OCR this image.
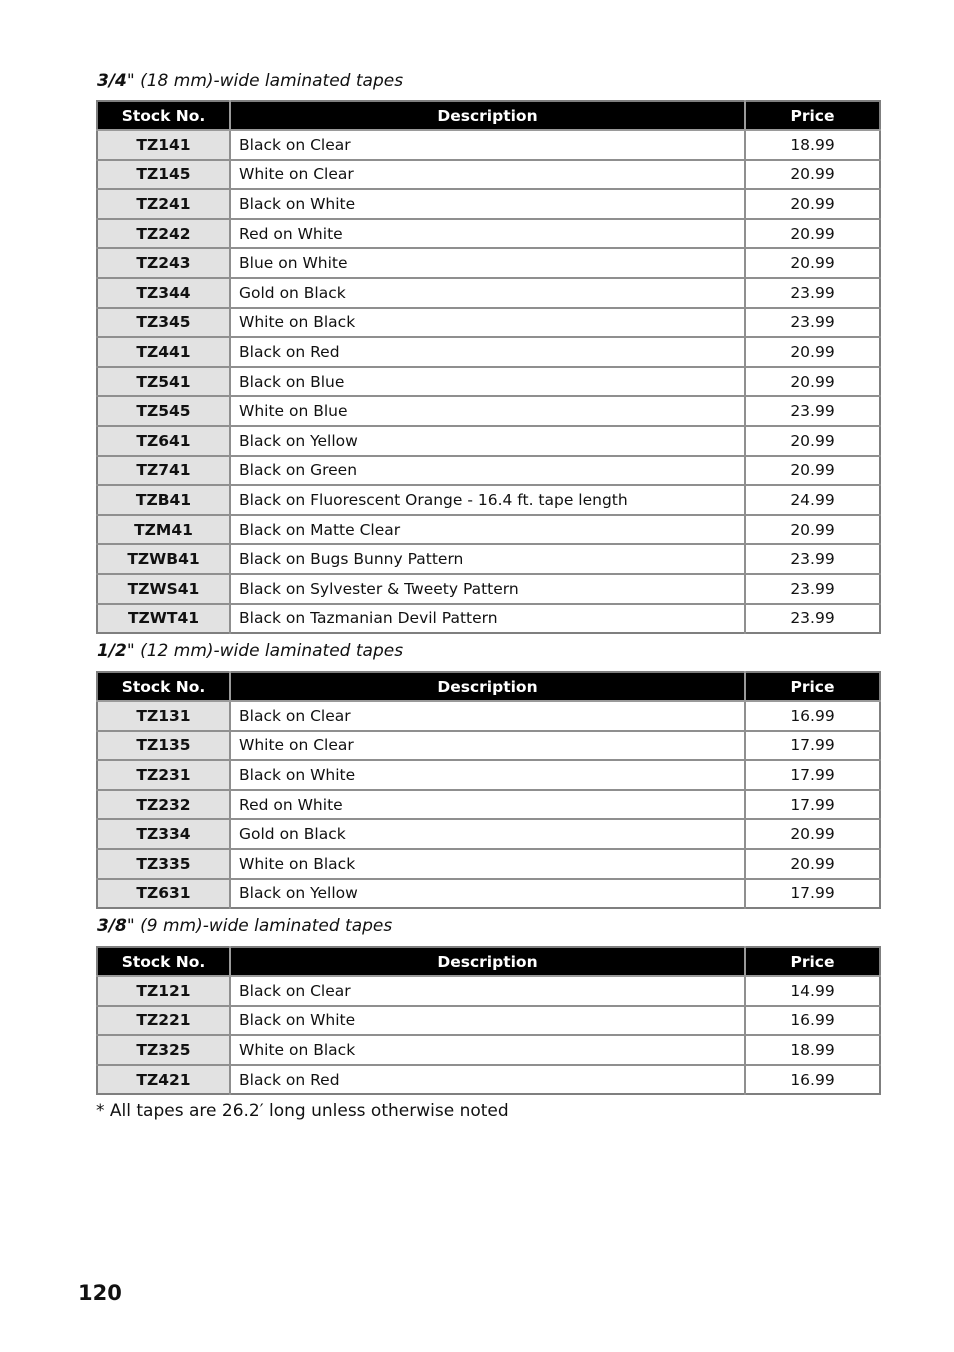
3/4" (18 mm)-wide laminated tapes
Stock No.	Description	Price
TZ141	Black on Clear	18.99
TZ145	White on Clear	20.99
TZ241	Black on White	20.99
TZ242	Red on White	20.99
TZ243	Blue on White	20.99
TZ344	Gold on Black	23.99
TZ345	White on Black	23.99
TZ441	Black on Red	20.99
TZ541	Black on Blue	20.99
TZ545	White on Blue	23.99
TZ641	Black on Yellow	20.99
TZ741	Black on Green	20.99
TZB41	Black on Fluorescent Orange - 16.4 ft. tape length	24.99
TZM41	Black on Matte Clear	20.99
TZWB41	Black on Bugs Bunny Pattern	23.99
TZWS41	Black on Sylvester & Tweety Pattern	23.99
TZWT41	Black on Tazmanian Devil Pattern	23.99
1/2" (12 mm)-wide laminated tapes
Stock No.	Description	Price
TZ131	Black on Clear	16.99
TZ135	White on Clear	17.99
TZ231	Black on White	17.99
TZ232	Red on White	17.99
TZ334	Gold on Black	20.99
TZ335	White on Black	20.99
TZ631	Black on Yellow	17.99
3/8" (9 mm)-wide laminated tapes
Stock No.	Description	Price
TZ121	Black on Clear	14.99
TZ221	Black on White	16.99
TZ325	White on Black	18.99
TZ421	Black on Red	16.99
* All tapes are 26.2′ long unless otherwise noted
120
